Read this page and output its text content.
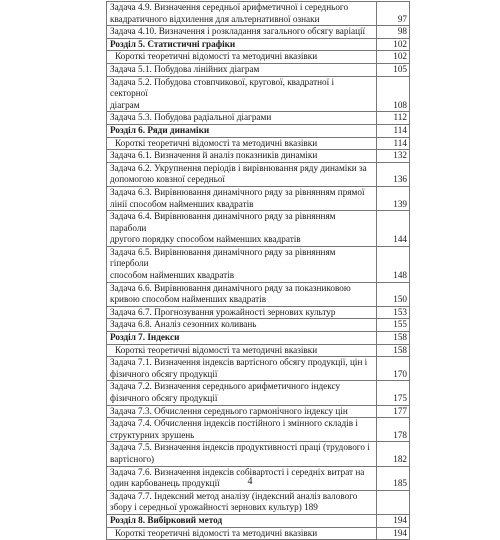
Задача 4.9. Визначення середньої арифметичної і середнього
квадратичного відхилення для альтернативної ознаки	97

Задача 4.10. Визначення і розкладання загального обсягу варіації	98

Розділ 5. Статистичні графіки	102

Короткі теоретичні відомості та методичні вказівки	102

Задача 5.1. Побудова лінійних діаграм	105

Задача 5.2. Побудова стовпчикової, кругової, квадратної і секторної
діаграм	108

Задача 5.3. Побудова радіальної діаграми	112

Розділ 6. Ряди динаміки	114

Короткі теоретичні відомості та методичні вказівки	114

Задача 6.1. Визначення й аналіз показників динаміки	132

Задача 6.2. Укрупнення періодів і вирівнювання ряду динаміки за
допомогою ковзної середньої	136

Задача 6.3. Вирівнювання динамічного ряду за рівнянням прямої
лінії способом найменших квадратів	139

Задача 6.4. Вирівнювання динамічного ряду за рівнянням параболи
другого порядку способом найменших квадратів	144

Задача 6.5. Вирівнювання динамічного ряду за рівнянням гіперболи
способом найменших квадратів	148

Задача 6.6. Вирівнювання динамічного ряду за показниковою
кривою способом найменших квадратів	150

Задача 6.7. Прогнозування урожайності зернових культур	153

Задача 6.8. Аналіз сезонних коливань	155

Розділ 7. Індекси	158

Короткі теоретичні відомості та методичні вказівки	158

Задача 7.1. Визначення індексів вартісного обсягу продукції, цін і
фізичного обсягу продукції	170

Задача 7.2. Визначення середнього арифметичного індексу
фізичного обсягу продукції	175

Задача 7.3. Обчислення середнього гармонічного індексу цін	177

Задача 7.4. Обчислення індексів постійного і змінного складів і
структурних зрушень	178

Задача 7.5. Визначення індексів продуктивності праці (трудового і
вартісного)	182

Задача 7.6. Визначення індексів собівартості і середніх витрат на
один карбованець продукції	185

Задача 7.7. Індексний метод аналізу (індексний аналіз валового
збору і середньої урожайності зернових культур) 189	

Розділ 8. Вибірковий метод	194

Короткі теоретичні відомості та методичні вказівки	194
4
